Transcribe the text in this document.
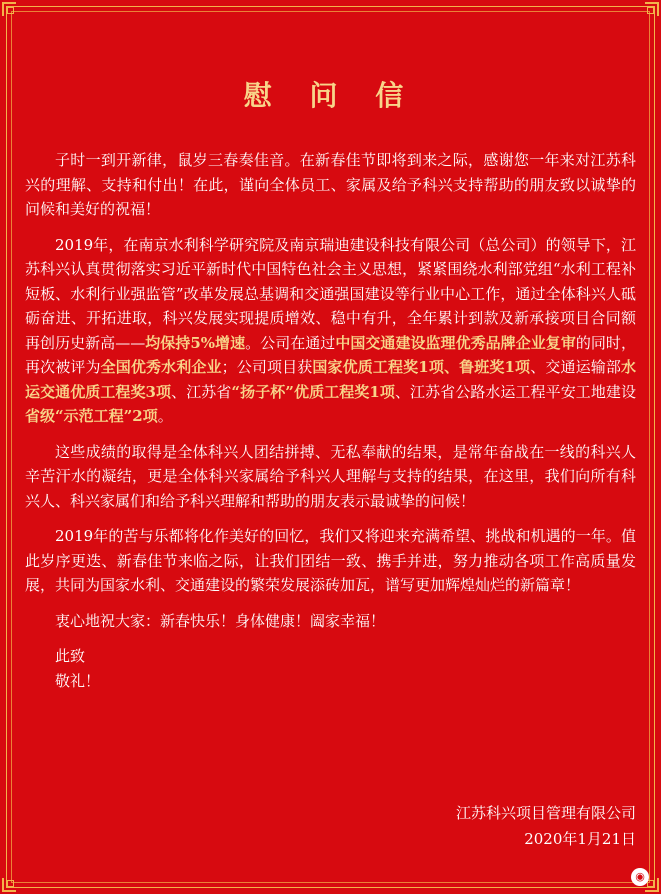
慰 问 信

子时一到开新律，鼠岁三春奏佳音。在新春佳节即将到来之际，感谢您一年来对江苏科兴的理解、支持和付出！在此，谨向全体员工、家属及给予科兴支持帮助的朋友致以诚挚的问候和美好的祝福！

2019年，在南京水利科学研究院及南京瑞迪建设科技有限公司（总公司）的领导下，江苏科兴认真贯彻落实习近平新时代中国特色社会主义思想，紧紧围绕水利部党组“水利工程补短板、水利行业强监管”改革发展总基调和交通强国建设等行业中心工作，通过全体科兴人砥砺奋进、开拓进取，科兴发展实现提质增效、稳中有升，全年累计到款及新承接项目合同额再创历史新高——均保持5%增速。公司在通过中国交通建设监理优秀品牌企业复审的同时，再次被评为全国优秀水利企业；公司项目获国家优质工程奖1项、鲁班奖1项、交通运输部水运交通优质工程奖3项、江苏省“扬子杯”优质工程奖1项、江苏省公路水运工程平安工地建设省级“示范工程”2项。

这些成绩的取得是全体科兴人团结拼搏、无私奉献的结果，是常年奋战在一线的科兴人辛苦汗水的凝结，更是全体科兴家属给予科兴人理解与支持的结果，在这里，我们向所有科兴人、科兴家属们和给予科兴理解和帮助的朋友表示最诚挚的问候！

2019年的苦与乐都将化作美好的回忆，我们又将迎来充满希望、挑战和机遇的一年。值此岁序更迭、新春佳节来临之际，让我们团结一致、携手并进，努力推动各项工作高质量发展，共同为国家水利、交通建设的繁荣发展添砖加瓦，谱写更加辉煌灿烂的新篇章！

衷心地祝大家：新春快乐！身体健康！阖家幸福！

此致

敬礼！

江苏科兴项目管理有限公司
2020年1月21日
◉
